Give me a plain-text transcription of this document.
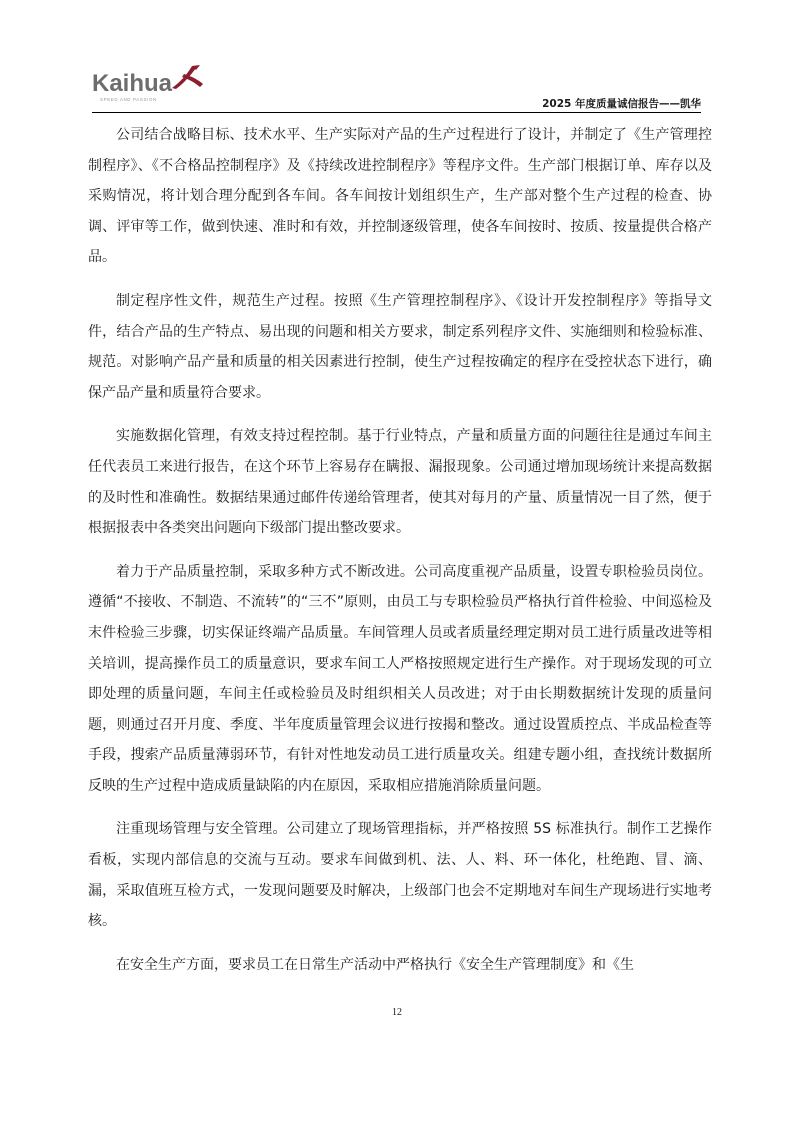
Kaihua
SPEED AND PASSION	2025 年度质量诚信报告——凯华

公司结合战略目标、技术水平、生产实际对产品的生产过程进行了设计，并制定了《生产管理控制程序》、《不合格品控制程序》及《持续改进控制程序》等程序文件。生产部门根据订单、库存以及采购情况，将计划合理分配到各车间。各车间按计划组织生产，生产部对整个生产过程的检查、协调、评审等工作，做到快速、准时和有效，并控制逐级管理，使各车间按时、按质、按量提供合格产品。

制定程序性文件，规范生产过程。按照《生产管理控制程序》、《设计开发控制程序》等指导文件，结合产品的生产特点、易出现的问题和相关方要求，制定系列程序文件、实施细则和检验标准、规范。对影响产品产量和质量的相关因素进行控制，使生产过程按确定的程序在受控状态下进行，确保产品产量和质量符合要求。

实施数据化管理，有效支持过程控制。基于行业特点，产量和质量方面的问题往往是通过车间主任代表员工来进行报告，在这个环节上容易存在瞒报、漏报现象。公司通过增加现场统计来提高数据的及时性和准确性。数据结果通过邮件传递给管理者，使其对每月的产量、质量情况一目了然，便于根据报表中各类突出问题向下级部门提出整改要求。

着力于产品质量控制，采取多种方式不断改进。公司高度重视产品质量，设置专职检验员岗位。遵循“不接收、不制造、不流转”的“三不”原则，由员工与专职检验员严格执行首件检验、中间巡检及末件检验三步骤，切实保证终端产品质量。车间管理人员或者质量经理定期对员工进行质量改进等相关培训，提高操作员工的质量意识，要求车间工人严格按照规定进行生产操作。对于现场发现的可立即处理的质量问题，车间主任或检验员及时组织相关人员改进；对于由长期数据统计发现的质量问题，则通过召开月度、季度、半年度质量管理会议进行按揭和整改。通过设置质控点、半成品检查等手段，搜索产品质量薄弱环节，有针对性地发动员工进行质量攻关。组建专题小组，查找统计数据所反映的生产过程中造成质量缺陷的内在原因，采取相应措施消除质量问题。

注重现场管理与安全管理。公司建立了现场管理指标，并严格按照 5S 标准执行。制作工艺操作看板，实现内部信息的交流与互动。要求车间做到机、法、人、料、环一体化，杜绝跑、冒、滴、漏，采取值班互检方式，一发现问题要及时解决，上级部门也会不定期地对车间生产现场进行实地考核。

在安全生产方面，要求员工在日常生产活动中严格执行《安全生产管理制度》和《生

12
